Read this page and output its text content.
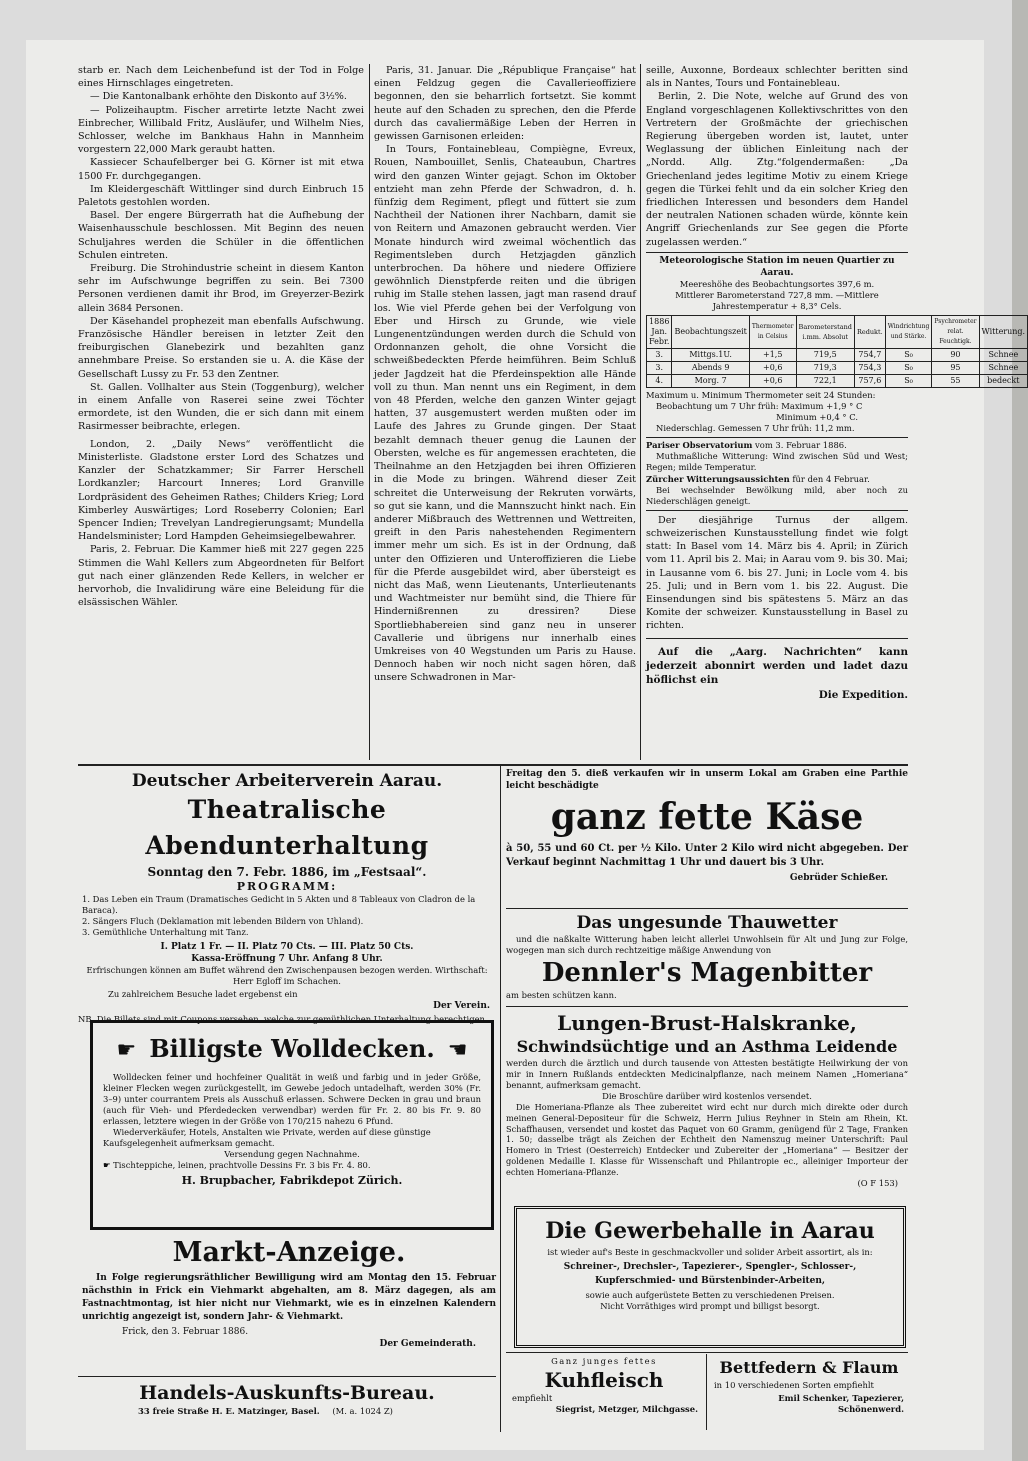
starb er. Nach dem Leichenbefund ist der Tod in Folge eines Hirnschlages eingetreten.

— Die Kantonalbank erhöhte den Diskonto auf 3½%.

— Polizeihauptm. Fischer arretirte letzte Nacht zwei Einbrecher, Willibald Fritz, Ausläufer, und Wilhelm Nies, Schlosser, welche im Bankhaus Hahn in Mannheim vorgestern 22,000 Mark geraubt hatten.

Kassiecer Schaufelberger bei G. Körner ist mit etwa 1500 Fr. durchgegangen.

Im Kleidergeschäft Wittlinger sind durch Einbruch 15 Paletots gestohlen worden.

Basel. Der engere Bürgerrath hat die Aufhebung der Waisenhausschule beschlossen. Mit Beginn des neuen Schuljahres werden die Schüler in die öffentlichen Schulen eintreten.

Freiburg. Die Strohindustrie scheint in diesem Kanton sehr im Aufschwunge begriffen zu sein. Bei 7300 Personen verdienen damit ihr Brod, im Greyerzer-Bezirk allein 3684 Personen.

Der Käsehandel prophezeit man ebenfalls Aufschwung. Französische Händler bereisen in letzter Zeit den freiburgischen Glanebezirk und bezahlten ganz annehmbare Preise. So erstanden sie u. A. die Käse der Gesellschaft Lussy zu Fr. 53 den Zentner.

St. Gallen. Vollhalter aus Stein (Toggenburg), welcher in einem Anfalle von Raserei seine zwei Töchter ermordete, ist den Wunden, die er sich dann mit einem Rasirmesser beibrachte, erlegen.

London, 2. „Daily News“ veröffentlicht die Ministerliste. Gladstone erster Lord des Schatzes und Kanzler der Schatzkammer; Sir Farrer Herschell Lordkanzler; Harcourt Inneres; Lord Granville Lordpräsident des Geheimen Rathes; Childers Krieg; Lord Kimberley Auswärtiges; Lord Roseberry Colonien; Earl Spencer Indien; Trevelyan Landregierungsamt; Mundella Handelsminister; Lord Hampden Geheimsiegelbewahrer.

Paris, 2. Februar. Die Kammer hieß mit 227 gegen 225 Stimmen die Wahl Kellers zum Abgeordneten für Belfort gut nach einer glänzenden Rede Kellers, in welcher er hervorhob, die Invalidirung wäre eine Beleidung für die elsässischen Wähler.

Paris, 31. Januar. Die „République Française“ hat einen Feldzug gegen die Cavallerieoffiziere begonnen, den sie beharrlich fortsetzt. Sie kommt heute auf den Schaden zu sprechen, den die Pferde durch das cavaliermäßige Leben der Herren in gewissen Garnisonen erleiden:

In Tours, Fontainebleau, Compiègne, Evreux, Rouen, Nambouillet, Senlis, Chateaubun, Chartres wird den ganzen Winter gejagt. Schon im Oktober entzieht man zehn Pferde der Schwadron, d. h. fünfzig dem Regiment, pflegt und füttert sie zum Nachtheil der Nationen ihrer Nachbarn, damit sie von Reitern und Amazonen gebraucht werden. Vier Monate hindurch wird zweimal wöchentlich das Regimentsleben durch Hetzjagden gänzlich unterbrochen. Da höhere und niedere Offiziere gewöhnlich Dienstpferde reiten und die übrigen ruhig im Stalle stehen lassen, jagt man rasend drauf los. Wie viel Pferde gehen bei der Verfolgung von Eber und Hirsch zu Grunde, wie viele Lungenentzündungen werden durch die Schuld von Ordonnanzen geholt, die ohne Vorsicht die schweißbedeckten Pferde heimführen. Beim Schluß jeder Jagdzeit hat die Pferdeinspektion alle Hände voll zu thun. Man nennt uns ein Regiment, in dem von 48 Pferden, welche den ganzen Winter gejagt hatten, 37 ausgemustert werden mußten oder im Laufe des Jahres zu Grunde gingen. Der Staat bezahlt demnach theuer genug die Launen der Obersten, welche es für angemessen erachteten, die Theilnahme an den Hetzjagden bei ihren Offizieren in die Mode zu bringen. Während dieser Zeit schreitet die Unterweisung der Rekruten vorwärts, so gut sie kann, und die Mannszucht hinkt nach. Ein anderer Mißbrauch des Wettrennen und Wettreiten, greift in den Paris nahestehenden Regimentern immer mehr um sich. Es ist in der Ordnung, daß unter den Offizieren und Unteroffizieren die Liebe für die Pferde ausgebildet wird, aber übersteigt es nicht das Maß, wenn Lieutenants, Unterlieutenants und Wachtmeister nur bemüht sind, die Thiere für Hindernißrennen zu dressiren? Diese Sportliebhabereien sind ganz neu in unserer Cavallerie und übrigens nur innerhalb eines Umkreises von 40 Wegstunden um Paris zu Hause. Dennoch haben wir noch nicht sagen hören, daß unsere Schwadronen in Mar-

seille, Auxonne, Bordeaux schlechter beritten sind als in Nantes, Tours und Fontainebleau.

Berlin, 2. Die Note, welche auf Grund des von England vorgeschlagenen Kollektivschrittes von den Vertretern der Großmächte der griechischen Regierung übergeben worden ist, lautet, unter Weglassung der üblichen Einleitung nach der „Nordd. Allg. Ztg.“folgendermaßen: „Da Griechenland jedes legitime Motiv zu einem Kriege gegen die Türkei fehlt und da ein solcher Krieg den friedlichen Interessen und besonders dem Handel der neutralen Nationen schaden würde, könnte kein Angriff Griechenlands zur See gegen die Pforte zugelassen werden.“

Meteorologische Station im neuen Quartier zu Aarau.
Meereshöhe des Beobachtungsortes 397,6 m.
Mittlerer Barometerstand 727,8 mm. —Mittlere Jahrestemperatur + 8,3° Cels.
1886 Jan. Febr.	Beobachtungszeit	Thermometer in Celsius	Barometerstand i.mm. Absolut	Redukt.	Windrichtung und Stärke.	Psychrometer relat. Feuchtigk.	Witterung.
3.	Mittgs.1U.	+1,5	719,5	754,7	S₀	90	Schnee
3.	Abends 9	+0,6	719,3	754,3	S₀	95	Schnee
4.	Morg. 7	+0,6	722,1	757,6	S₀	55	bedeckt
Maximum u. Minimum Thermometer seit 24 Stunden:
Beobachtung um 7 Uhr früh: Maximum +1,9 ° C
Minimum +0,4 ° C.
Niederschlag. Gemessen 7 Uhr früh: 11,2 mm.
Pariser Observatorium vom 3. Februar 1886.
Muthmaßliche Witterung: Wind zwischen Süd und West; Regen; milde Temperatur.
Zürcher Witterungsaussichten für den 4 Februar.
Bei wechselnder Bewölkung mild, aber noch zu Niederschlägen geneigt.

Der diesjährige Turnus der allgem. schweizerischen Kunstausstellung findet wie folgt statt: In Basel vom 14. März bis 4. April; in Zürich vom 11. April bis 2. Mai; in Aarau vom 9. bis 30. Mai; in Lausanne vom 6. bis 27. Juni; in Locle vom 4. bis 25. Juli; und in Bern vom 1. bis 22. August. Die Einsendungen sind bis spätestens 5. März an das Komite der schweizer. Kunstausstellung in Basel zu richten.

Auf die „Aarg. Nachrichten“ kann jederzeit abonnirt werden und ladet dazu höflichst ein

Die Expedition.
Deutscher Arbeiterverein Aarau.
Theatralische Abendunterhaltung
Sonntag den 7. Febr. 1886, im „Festsaal“.
PROGRAMM:
1. Das Leben ein Traum (Dramatisches Gedicht in 5 Akten und 8 Tableaux von Cladron de la Baraca).
2. Sängers Fluch (Deklamation mit lebenden Bildern von Uhland).
3. Gemüthliche Unterhaltung mit Tanz.
I. Platz 1 Fr. — II. Platz 70 Cts. — III. Platz 50 Cts.
Kassa-Eröffnung 7 Uhr. Anfang 8 Uhr.
Erfrischungen können am Buffet während den Zwischenpausen bezogen werden. Wirthschaft: Herr Egloff im Schachen.
Zu zahlreichem Besuche ladet ergebenst ein
Der Verein.
NB. Die Billets sind mit Coupons versehen, welche zur gemüthlichen Unterhaltung berechtigen.
☛ Billigste Wolldecken. ☚
Wolldecken feiner und hochfeiner Qualität in weiß und farbig und in jeder Größe, kleiner Flecken wegen zurückgestellt, im Gewebe jedoch untadelhaft, werden 30% (Fr. 3–9) unter courrantem Preis als Ausschuß erlassen. Schwere Decken in grau und braun (auch für Vieh- und Pferdedecken verwendbar) werden für Fr. 2. 80 bis Fr. 9. 80 erlassen, letztere wiegen in der Größe von 170/215 nahezu 6 Pfund.
Wiederverkäufer, Hotels, Anstalten wie Private, werden auf diese günstige Kaufsgelegenheit aufmerksam gemacht.
Versendung gegen Nachnahme.
☛ Tischteppiche, leinen, prachtvolle Dessins Fr. 3 bis Fr. 4. 80.
H. Brupbacher, Fabrikdepot Zürich.
Markt-Anzeige.
In Folge regierungsräthlicher Bewilligung wird am Montag den 15. Februar nächsthin in Frick ein Viehmarkt abgehalten, am 8. März dagegen, als am Fastnachtmontag, ist hier nicht nur Viehmarkt, wie es in einzelnen Kalendern unrichtig angezeigt ist, sondern Jahr- & Viehmarkt.
Frick, den 3. Februar 1886.
Der Gemeinderath.
Handels-Auskunfts-Bureau.
33 freie Straße H. E. Matzinger, Basel. (M. a. 1024 Z)
Freitag den 5. dieß verkaufen wir in unserm Lokal am Graben eine Parthie leicht beschädigte
ganz fette Käse
à 50, 55 und 60 Ct. per ½ Kilo. Unter 2 Kilo wird nicht abgegeben. Der Verkauf beginnt Nachmittag 1 Uhr und dauert bis 3 Uhr.
Gebrüder Schießer.
Das ungesunde Thauwetter
und die naßkalte Witterung haben leicht allerlei Unwohlsein für Alt und Jung zur Folge, wogegen man sich durch rechtzeitige mäßige Anwendung von
Dennler's Magenbitter
am besten schützen kann.
Lungen-Brust-Halskranke,
Schwindsüchtige und an Asthma Leidende
werden durch die ärztlich und durch tausende von Attesten bestätigte Heilwirkung der von mir in Innern Rußlands entdeckten Medicinalpflanze, nach meinem Namen „Homeriana“ benannt, aufmerksam gemacht.
Die Broschüre darüber wird kostenlos versendet.
Die Homeriana-Pflanze als Thee zubereitet wird echt nur durch mich direkte oder durch meinen General-Depositeur für die Schweiz, Herrn Julius Reyhner in Stein am Rhein, Kt. Schaffhausen, versendet und kostet das Paquet von 60 Gramm, genügend für 2 Tage, Franken 1. 50; dasselbe trägt als Zeichen der Echtheit den Namenszug meiner Unterschrift: Paul Homero in Triest (Oesterreich) Entdecker und Zubereiter der „Homeriana“ — Besitzer der goldenen Medaille I. Klasse für Wissenschaft und Philantropie ec., alleiniger Importeur der echten Homeriana-Pflanze.
(O F 153)
Die Gewerbehalle in Aarau
ist wieder auf's Beste in geschmackvoller und solider Arbeit assortirt, als in:
Schreiner-, Drechsler-, Tapezierer-, Spengler-, Schlosser-, Kupferschmied- und Bürstenbinder-Arbeiten,
sowie auch aufgerüstete Betten zu verschiedenen Preisen.
Nicht Vorräthiges wird prompt und billigst besorgt.
Ganz junges fettes
Kuhfleisch
empfiehlt
Siegrist, Metzger, Milchgasse.
Bettfedern & Flaum
in 10 verschiedenen Sorten empfiehlt
Emil Schenker, Tapezierer, Schönenwerd.
